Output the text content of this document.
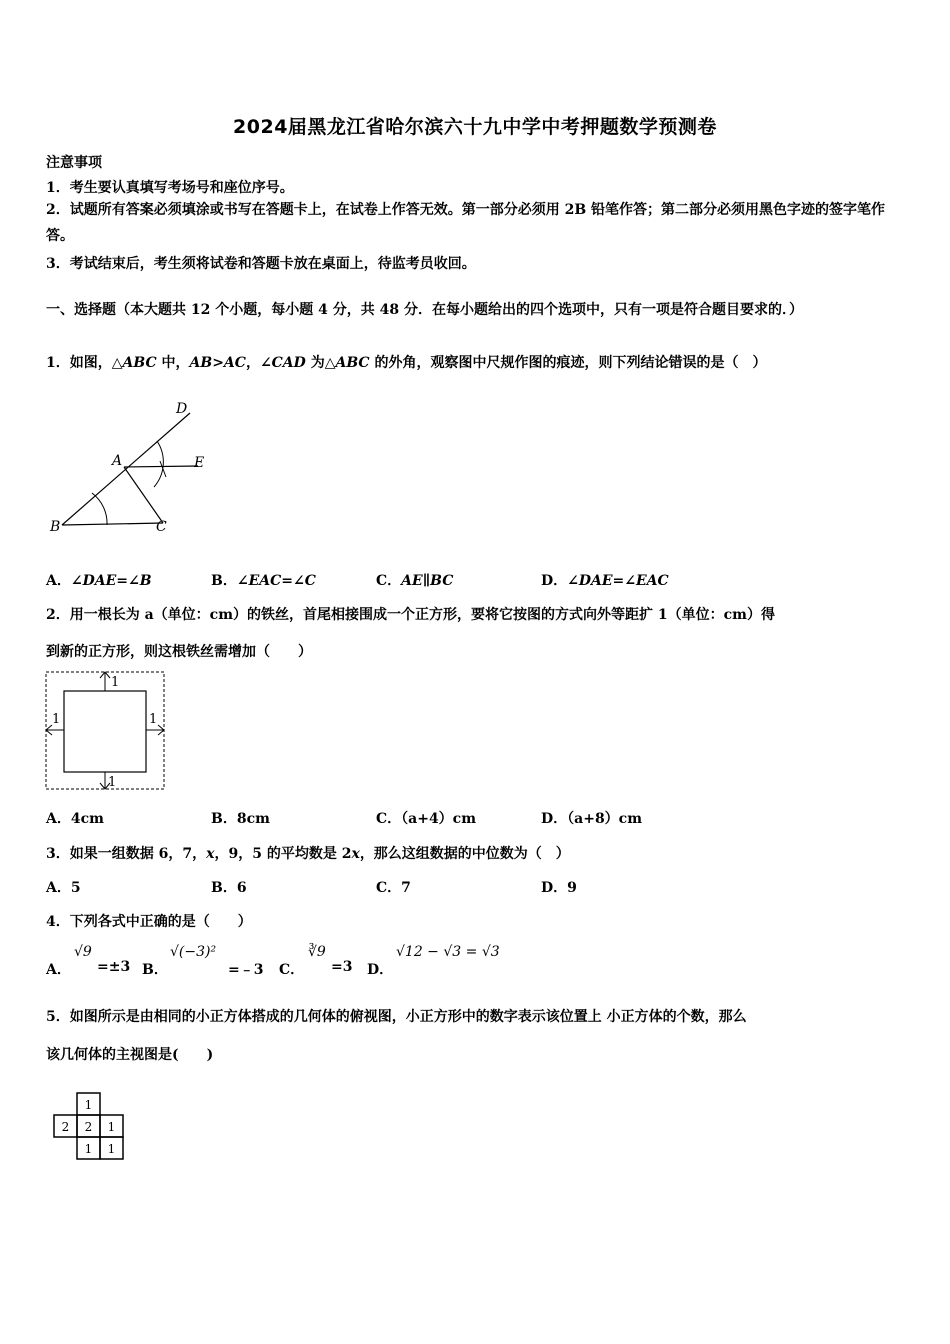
2024届黑龙江省哈尔滨六十九中学中考押题数学预测卷
注意事项
1．考生要认真填写考场号和座位序号。
2．试题所有答案必须填涂或书写在答题卡上，在试卷上作答无效。第一部分必须用 2B 铅笔作答；第二部分必须用黑色字迹的签字笔作答。
3．考试结束后，考生须将试卷和答题卡放在桌面上，待监考员收回。
一、选择题（本大题共 12 个小题，每小题 4 分，共 48 分．在每小题给出的四个选项中，只有一项是符合题目要求的．）
1．如图，△ABC 中，AB>AC，∠CAD 为△ABC 的外角，观察图中尺规作图的痕迹，则下列结论错误的是（　）
D
A	E
B	C
A．∠DAE=∠B	B．∠EAC=∠C	C．AE∥BC	D．∠DAE=∠EAC
2．用一根长为 a（单位：cm）的铁丝，首尾相接围成一个正方形，要将它按图的方式向外等距扩 1（单位：cm）得
到新的正方形，则这根铁丝需增加（　　）
1
1	1
1
A．4cm	B．8cm	C．（a+4）cm	D．（a+8）cm
3．如果一组数据 6，7，x，9，5 的平均数是 2x，那么这组数据的中位数为（　）
A．5	B．6	C．7	D．9
4．下列各式中正确的是（　　）
A．
√9
=±3 B．
√(−3)²
=﹣3 C．
∛9
=3 D．
√12 − √3 = √3
5．如图所示是由相同的小正方体搭成的几何体的俯视图，小正方形中的数字表示该位置上 小正方体的个数，那么
该几何体的主视图是(　　)
1
2 2 1
1 1
